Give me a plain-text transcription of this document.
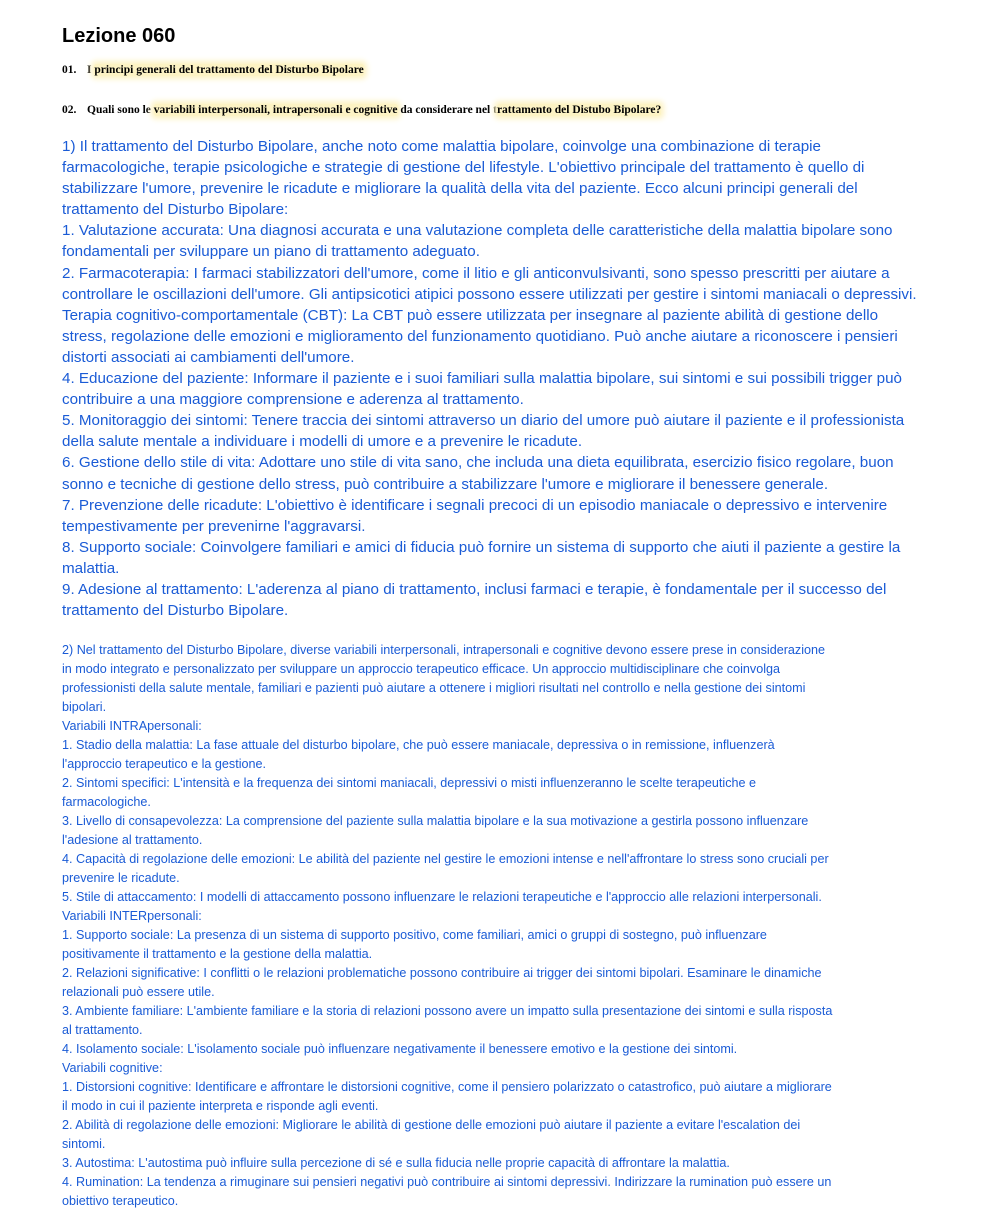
Lezione 060

01. I principi generali del trattamento del Disturbo Bipolare

02. Quali sono le variabili interpersonali, intrapersonali e cognitive da considerare nel trattamento del Distubo Bipolare?

1) Il trattamento del Disturbo Bipolare, anche noto come malattia bipolare, coinvolge una combinazione di terapie
farmacologiche, terapie psicologiche e strategie di gestione del lifestyle. L'obiettivo principale del trattamento è quello di
stabilizzare l'umore, prevenire le ricadute e migliorare la qualità della vita del paziente. Ecco alcuni principi generali del
trattamento del Disturbo Bipolare:
1. Valutazione accurata: Una diagnosi accurata e una valutazione completa delle caratteristiche della malattia bipolare sono
fondamentali per sviluppare un piano di trattamento adeguato.
2. Farmacoterapia: I farmaci stabilizzatori dell'umore, come il litio e gli anticonvulsivanti, sono spesso prescritti per aiutare a
controllare le oscillazioni dell'umore. Gli antipsicotici atipici possono essere utilizzati per gestire i sintomi maniacali o depressivi.
Terapia cognitivo-comportamentale (CBT): La CBT può essere utilizzata per insegnare al paziente abilità di gestione dello
stress, regolazione delle emozioni e miglioramento del funzionamento quotidiano. Può anche aiutare a riconoscere i pensieri
distorti associati ai cambiamenti dell'umore.
4. Educazione del paziente: Informare il paziente e i suoi familiari sulla malattia bipolare, sui sintomi e sui possibili trigger può
contribuire a una maggiore comprensione e aderenza al trattamento.
5. Monitoraggio dei sintomi: Tenere traccia dei sintomi attraverso un diario del umore può aiutare il paziente e il professionista
della salute mentale a individuare i modelli di umore e a prevenire le ricadute.
6. Gestione dello stile di vita: Adottare uno stile di vita sano, che includa una dieta equilibrata, esercizio fisico regolare, buon
sonno e tecniche di gestione dello stress, può contribuire a stabilizzare l'umore e migliorare il benessere generale.
7. Prevenzione delle ricadute: L'obiettivo è identificare i segnali precoci di un episodio maniacale o depressivo e intervenire
tempestivamente per prevenirne l'aggravarsi.
8. Supporto sociale: Coinvolgere familiari e amici di fiducia può fornire un sistema di supporto che aiuti il paziente a gestire la
malattia.
9. Adesione al trattamento: L'aderenza al piano di trattamento, inclusi farmaci e terapie, è fondamentale per il successo del
trattamento del Disturbo Bipolare.
2) Nel trattamento del Disturbo Bipolare, diverse variabili interpersonali, intrapersonali e cognitive devono essere prese in considerazione
in modo integrato e personalizzato per sviluppare un approccio terapeutico efficace. Un approccio multidisciplinare che coinvolga
professionisti della salute mentale, familiari e pazienti può aiutare a ottenere i migliori risultati nel controllo e nella gestione dei sintomi
bipolari.
Variabili INTRApersonali:
1. Stadio della malattia: La fase attuale del disturbo bipolare, che può essere maniacale, depressiva o in remissione, influenzerà
l'approccio terapeutico e la gestione.
2. Sintomi specifici: L'intensità e la frequenza dei sintomi maniacali, depressivi o misti influenzeranno le scelte terapeutiche e
farmacologiche.
3. Livello di consapevolezza: La comprensione del paziente sulla malattia bipolare e la sua motivazione a gestirla possono influenzare
l'adesione al trattamento.
4. Capacità di regolazione delle emozioni: Le abilità del paziente nel gestire le emozioni intense e nell'affrontare lo stress sono cruciali per
prevenire le ricadute.
5. Stile di attaccamento: I modelli di attaccamento possono influenzare le relazioni terapeutiche e l'approccio alle relazioni interpersonali.
Variabili INTERpersonali:
1. Supporto sociale: La presenza di un sistema di supporto positivo, come familiari, amici o gruppi di sostegno, può influenzare
positivamente il trattamento e la gestione della malattia.
2. Relazioni significative: I conflitti o le relazioni problematiche possono contribuire ai trigger dei sintomi bipolari. Esaminare le dinamiche
relazionali può essere utile.
3. Ambiente familiare: L'ambiente familiare e la storia di relazioni possono avere un impatto sulla presentazione dei sintomi e sulla risposta
al trattamento.
4. Isolamento sociale: L'isolamento sociale può influenzare negativamente il benessere emotivo e la gestione dei sintomi.
Variabili cognitive:
1. Distorsioni cognitive: Identificare e affrontare le distorsioni cognitive, come il pensiero polarizzato o catastrofico, può aiutare a migliorare
il modo in cui il paziente interpreta e risponde agli eventi.
2. Abilità di regolazione delle emozioni: Migliorare le abilità di gestione delle emozioni può aiutare il paziente a evitare l'escalation dei
sintomi.
3. Autostima: L'autostima può influire sulla percezione di sé e sulla fiducia nelle proprie capacità di affrontare la malattia.
4. Rumination: La tendenza a rimuginare sui pensieri negativi può contribuire ai sintomi depressivi. Indirizzare la rumination può essere un
obiettivo terapeutico.
